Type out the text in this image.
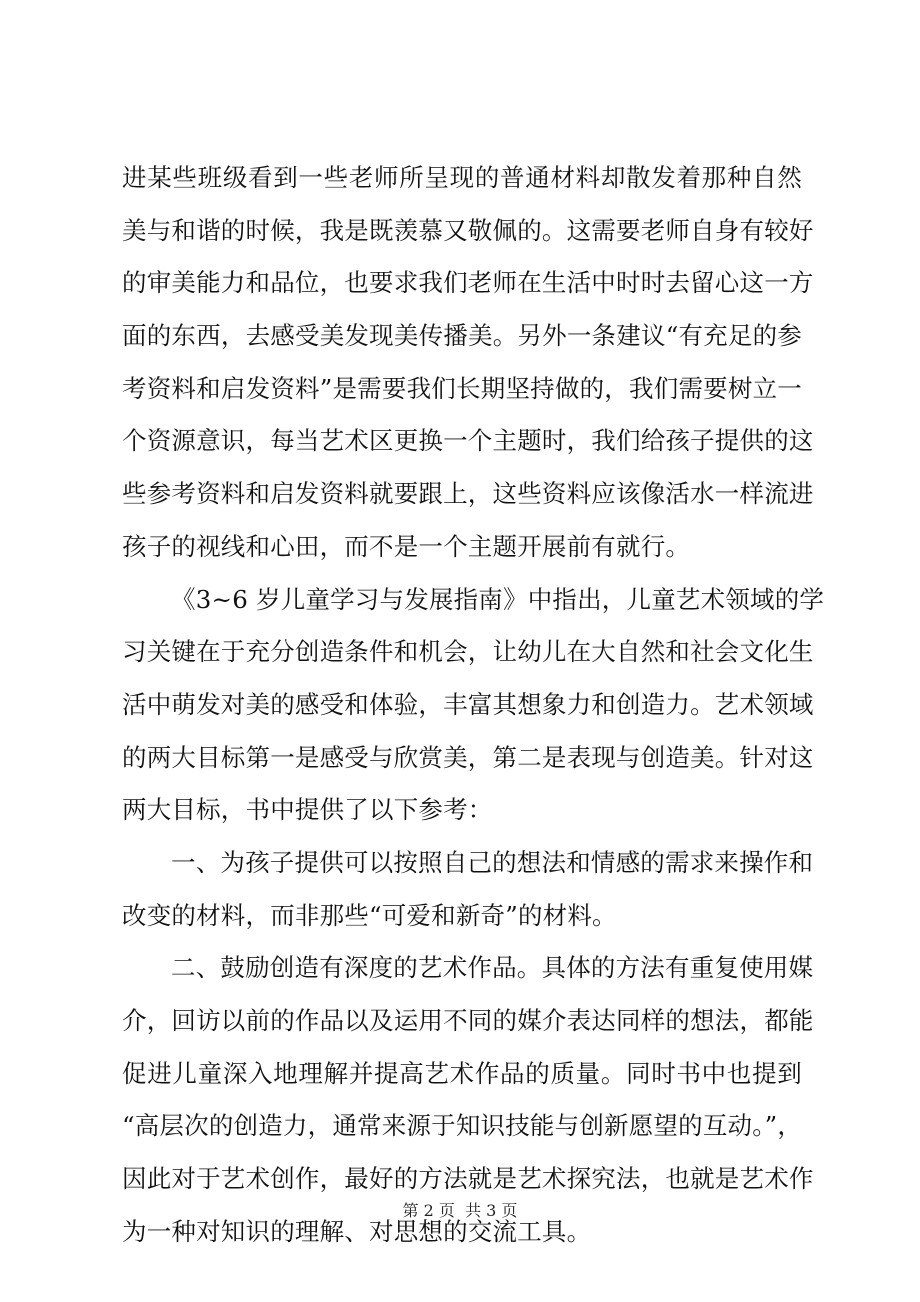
进某些班级看到一些老师所呈现的普通材料却散发着那种自然
美与和谐的时候，我是既羡慕又敬佩的。这需要老师自身有较好
的审美能力和品位，也要求我们老师在生活中时时去留心这一方
面的东西，去感受美发现美传播美。另外一条建议“有充足的参
考资料和启发资料”是需要我们长期坚持做的，我们需要树立一
个资源意识，每当艺术区更换一个主题时，我们给孩子提供的这
些参考资料和启发资料就要跟上，这些资料应该像活水一样流进
孩子的视线和心田，而不是一个主题开展前有就行。
《3~6 岁儿童学习与发展指南》中指出，儿童艺术领域的学
习关键在于充分创造条件和机会，让幼儿在大自然和社会文化生
活中萌发对美的感受和体验，丰富其想象力和创造力。艺术领域
的两大目标第一是感受与欣赏美，第二是表现与创造美。针对这
两大目标，书中提供了以下参考：
一、为孩子提供可以按照自己的想法和情感的需求来操作和
改变的材料，而非那些“可爱和新奇”的材料。
二、鼓励创造有深度的艺术作品。具体的方法有重复使用媒
介，回访以前的作品以及运用不同的媒介表达同样的想法，都能
促进儿童深入地理解并提高艺术作品的质量。同时书中也提到
“高层次的创造力，通常来源于知识技能与创新愿望的互动。”，
因此对于艺术创作，最好的方法就是艺术探究法，也就是艺术作
为一种对知识的理解、对思想的交流工具。
第 2 页  共 3 页
